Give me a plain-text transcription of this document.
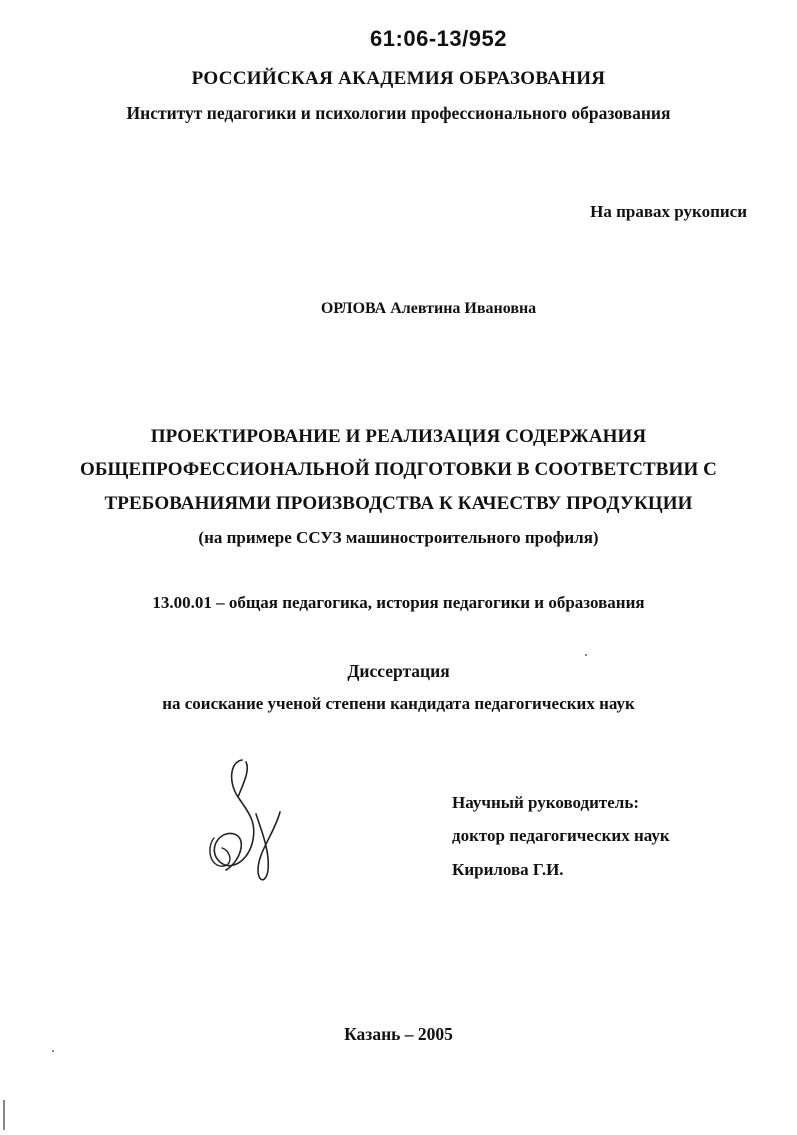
61:06-13/952
РОССИЙСКАЯ АКАДЕМИЯ ОБРАЗОВАНИЯ
Институт педагогики и психологии профессионального образования
На правах рукописи
ОРЛОВА Алевтина Ивановна
ПРОЕКТИРОВАНИЕ И РЕАЛИЗАЦИЯ СОДЕРЖАНИЯ
ОБЩЕПРОФЕССИОНАЛЬНОЙ ПОДГОТОВКИ В СООТВЕТСТВИИ С
ТРЕБОВАНИЯМИ ПРОИЗВОДСТВА К КАЧЕСТВУ ПРОДУКЦИИ
(на примере ССУЗ машиностроительного профиля)
13.00.01 – общая педагогика, история педагогики и образования
Диссертация
на соискание ученой степени кандидата педагогических наук
Научный руководитель:
доктор педагогических наук
Кирилова Г.И.
Казань – 2005
